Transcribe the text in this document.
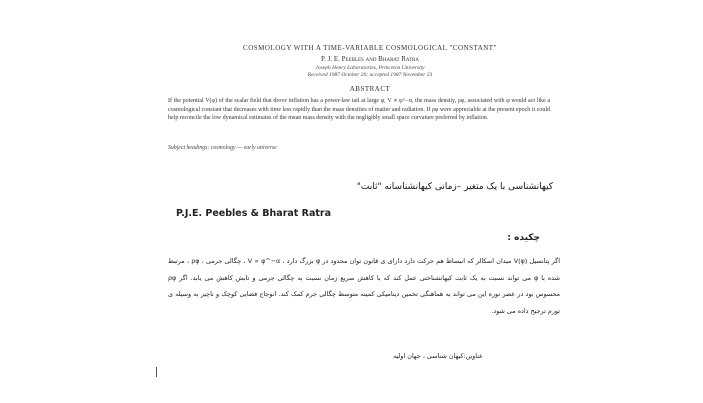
COSMOLOGY WITH A TIME-VARIABLE COSMOLOGICAL "CONSTANT"
P. J. E. Peebles and Bharat Ratra
Joseph Henry Laboratories, Princeton University
Received 1987 October 20; accepted 1987 November 23
ABSTRACT
If the potential V(φ) of the scalar field that drove inflation has a power-law tail at large φ, V ∝ φ^−α, the mass density, ρφ, associated with φ would act like a cosmological constant that decreases with time less rapidly than the mass densities of matter and radiation. If ρφ were appreciable at the present epoch it could help reconcile the low dynamical estimates of the mean mass density with the negligibly small space curvature preferred by inflation.
Subject headings: cosmology — early universe
کیهانشناسی با یک متغیر –زمانی کیهانشناسانه "ثابت"
P.J.E. Peebles & Bharat Ratra
چکیده :
اگر پتانسیل (φ)V میدان اسکالر که انبساط هم حرکت دارد دارای ی قانون توان محدود در φ بزرگ دارد ، V ∝ φ^−α ، چگالی جرمی ، ρφ ، مرتبط شده با φ می تواند نسبت به یک ثابت کیهانشناختی عمل کند که با کاهش سریع زمان نسبت به چگالی جرمی و تابش کاهش می یابد. اگر ρφ محسوس بود در عصر نوره این می تواند به هماهنگی تخمین دینامیکی کمینه متوسط چگالی جرم کمک کند. انوجاج فضایی کوچک و ناچیز به وسیله ی تورم ترجیح داده می شود.
عناوین:کیهان شناسی ، جهان اولیه
